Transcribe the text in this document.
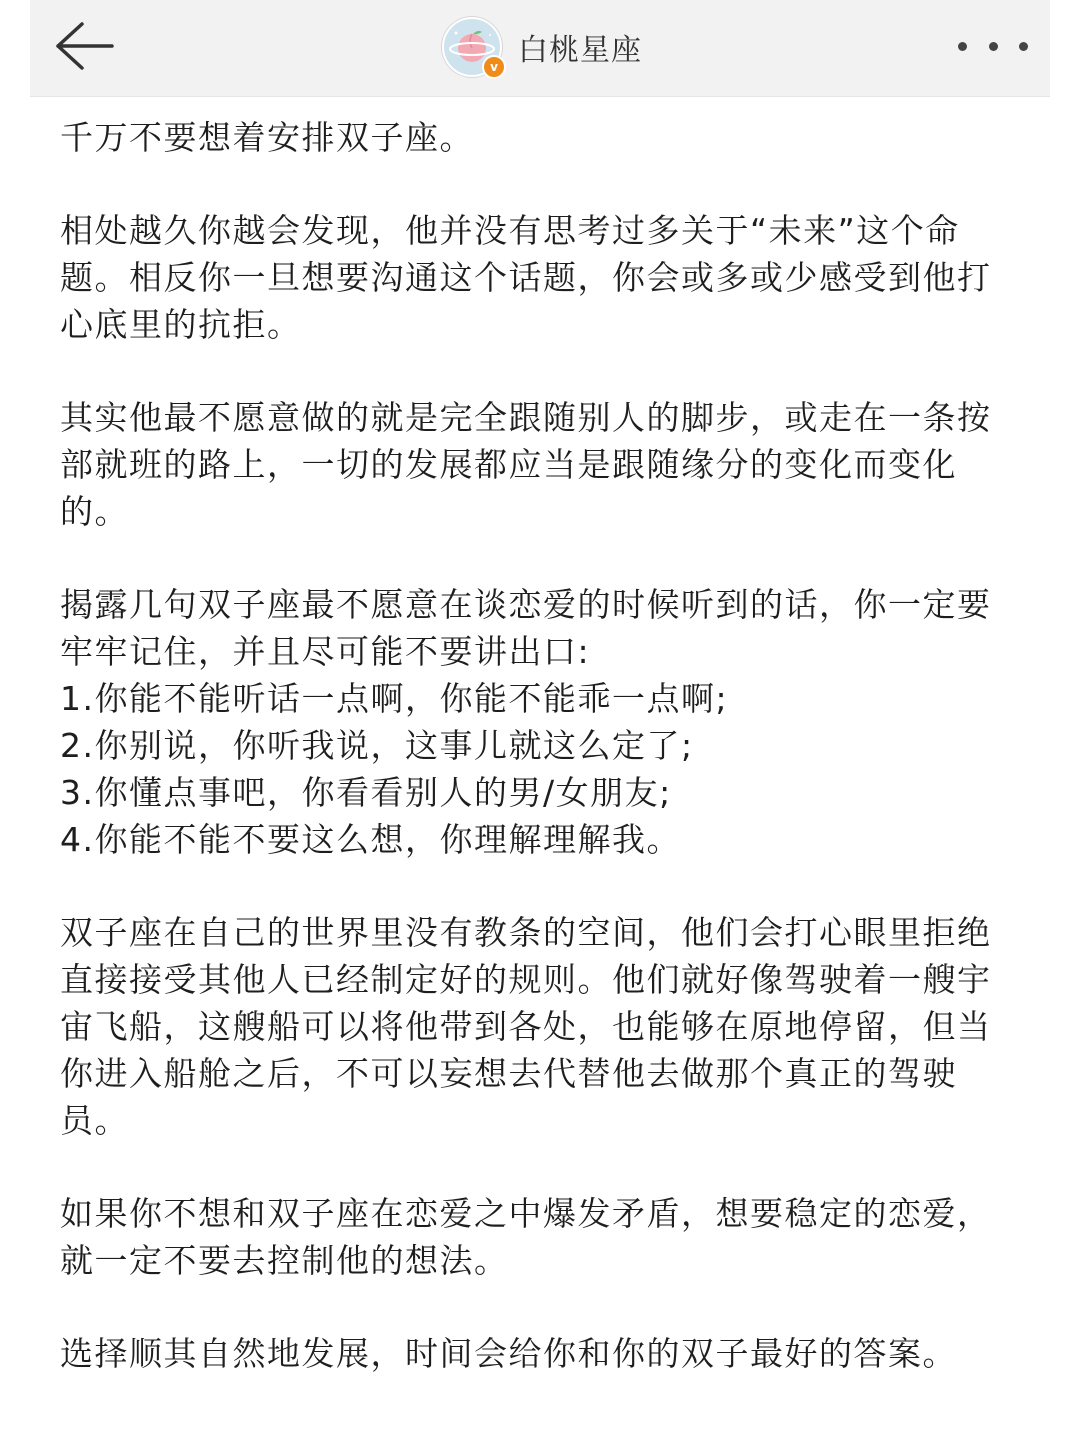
v 白桃星座

千万不要想着安排双子座。

相处越久你越会发现，他并没有思考过多关于“未来”这个命题。相反你一旦想要沟通这个话题，你会或多或少感受到他打心底里的抗拒。

其实他最不愿意做的就是完全跟随别人的脚步，或走在一条按部就班的路上，一切的发展都应当是跟随缘分的变化而变化的。

揭露几句双子座最不愿意在谈恋爱的时候听到的话，你一定要牢牢记住，并且尽可能不要讲出口:
1.你能不能听话一点啊，你能不能乖一点啊;
2.你别说，你听我说，这事儿就这么定了;
3.你懂点事吧，你看看别人的男/女朋友;
4.你能不能不要这么想，你理解理解我。

双子座在自己的世界里没有教条的空间，他们会打心眼里拒绝直接接受其他人已经制定好的规则。他们就好像驾驶着一艘宇宙飞船，这艘船可以将他带到各处，也能够在原地停留，但当你进入船舱之后，不可以妄想去代替他去做那个真正的驾驶员。

如果你不想和双子座在恋爱之中爆发矛盾，想要稳定的恋爱，就一定不要去控制他的想法。

选择顺其自然地发展，时间会给你和你的双子最好的答案。
